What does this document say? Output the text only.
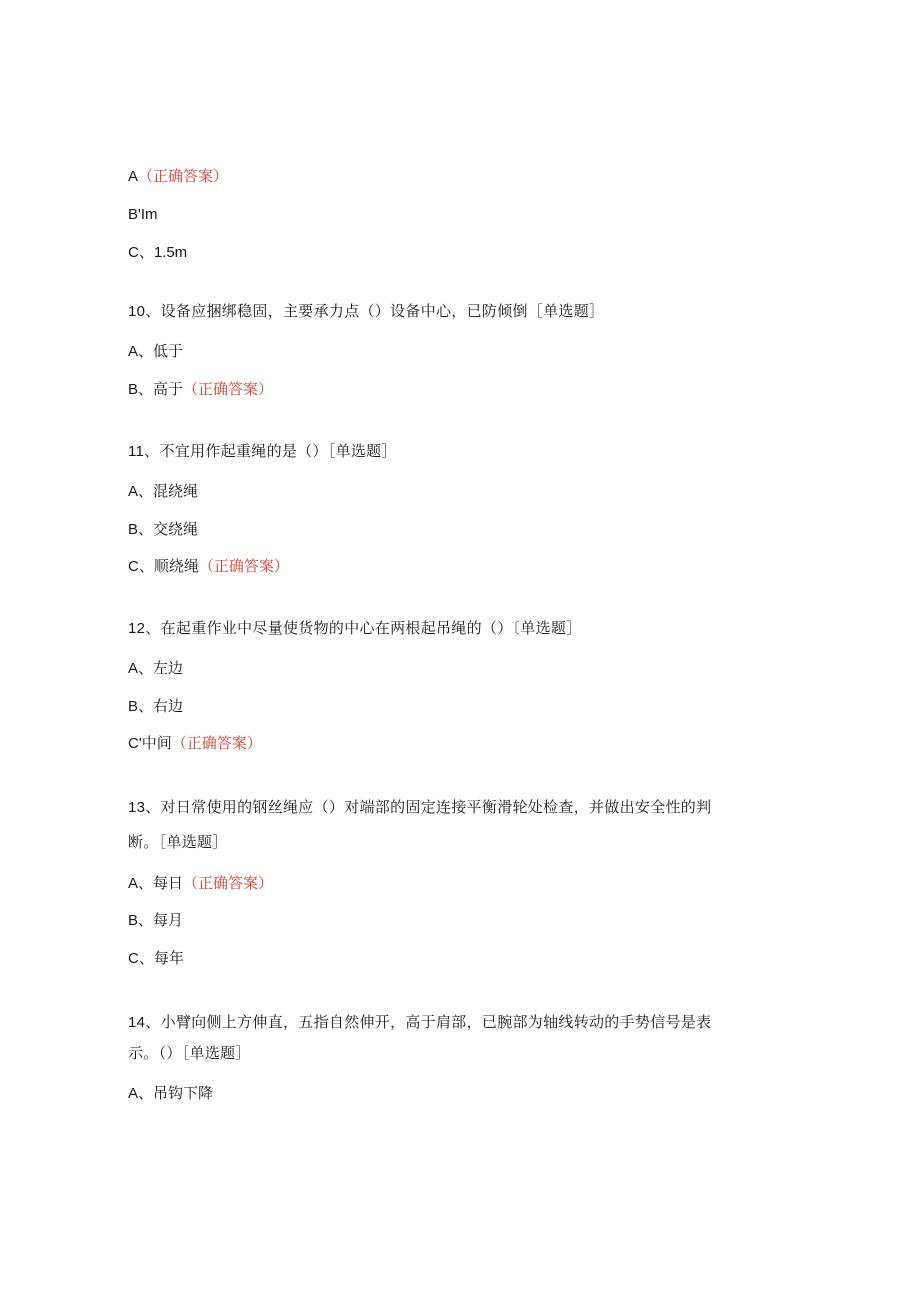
A（正确答案）
B'Im
C、1.5m
10、设备应捆绑稳固，主要承力点（）设备中心，已防倾倒［单选题］
A、低于
B、高于（正确答案）
11、不宜用作起重绳的是（）［单选题］
A、混绕绳
B、交绕绳
C、顺绕绳（正确答案）
12、在起重作业中尽量使货物的中心在两根起吊绳的（）〔单选题］
A、左边
B、右边
C'中间（正确答案）
13、对日常使用的钢丝绳应（）对端部的固定连接平衡滑轮处检查，并做出安全性的判
断。［单选题］
A、每日（正确答案）
B、每月
C、每年
14、小臂向侧上方伸直，五指自然伸开，高于肩部，已腕部为轴线转动的手势信号是表
示。（）［单选题］
A、吊钩下降
